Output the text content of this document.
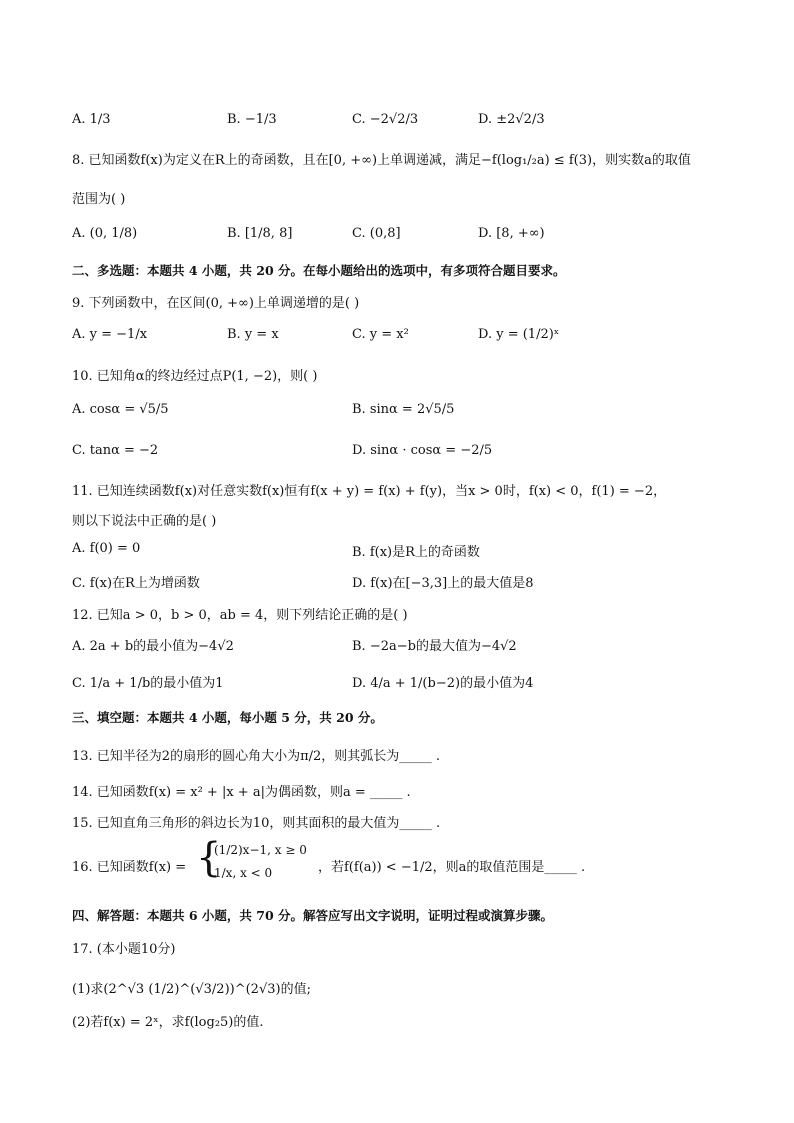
A. 1/3	B. −1/3	C. −2√2/3	D. ±2√2/3
8. 已知函数f(x)为定义在R上的奇函数，且在[0, +∞)上单调递减，满足−f(log₁/₂a) ≤ f(3)，则实数a的取值
范围为( )
A. (0, 1/8)	B. [1/8, 8]	C. (0,8]	D. [8, +∞)
二、多选题：本题共 4 小题，共 20 分。在每小题给出的选项中，有多项符合题目要求。
9. 下列函数中，在区间(0, +∞)上单调递增的是( )
A. y = −1/x	B. y = x	C. y = x²	D. y = (1/2)ˣ
10. 已知角α的终边经过点P(1, −2)，则( )
A. cosα = √5/5	B. sinα = 2√5/5
C. tanα = −2	D. sinα · cosα = −2/5
11. 已知连续函数f(x)对任意实数f(x)恒有f(x + y) = f(x) + f(y)，当x > 0时，f(x) < 0，f(1) = −2，
则以下说法中正确的是( )
A. f(0) = 0	B. f(x)是R上的奇函数
C. f(x)在R上为增函数	D. f(x)在[−3,3]上的最大值是8
12. 已知a > 0，b > 0，ab = 4，则下列结论正确的是( )
A. 2a + b的最小值为−4√2	B. −2a−b的最大值为−4√2
C. 1/a + 1/b的最小值为1	D. 4/a + 1/(b−2)的最小值为4
三、填空题：本题共 4 小题，每小题 5 分，共 20 分。
13. 已知半径为2的扇形的圆心角大小为π/2，则其弧长为_____ .
14. 已知函数f(x) = x² + |x + a|为偶函数，则a = _____ .
15. 已知直角三角形的斜边长为10，则其面积的最大值为_____ .
16. 已知函数f(x) = {
(1/2)x−1, x ≥ 0
1/x, x < 0	，若f(f(a)) < −1/2，则a的取值范围是_____ .
四、解答题：本题共 6 小题，共 70 分。解答应写出文字说明，证明过程或演算步骤。
17. (本小题10分)
(1)求(2^√3 (1/2)^(√3/2))^(2√3)的值;
(2)若f(x) = 2ˣ，求f(log₂5)的值.
